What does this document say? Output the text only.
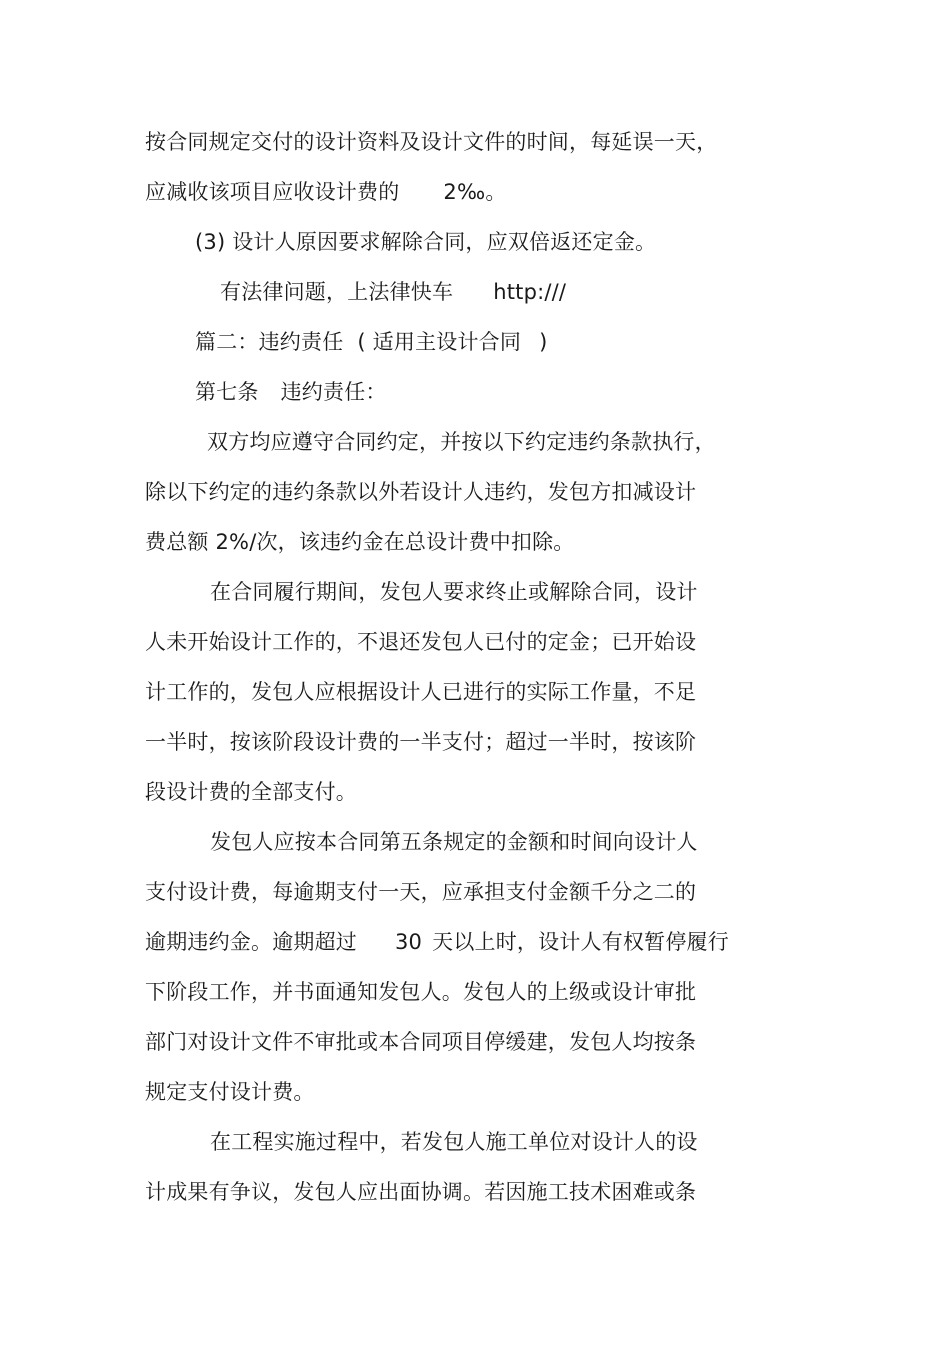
按合同规定交付的设计资料及设计文件的时间，每延误一天，
应减收该项目应收设计费的 2‰。
(3) 设计人原因要求解除合同，应双倍返还定金。
有法律问题，上法律快车 http:///
篇二：违约责任 ( 适用主设计合同 )
第七条 违约责任：
双方均应遵守合同约定，并按以下约定违约条款执行，
除以下约定的违约条款以外若设计人违约，发包方扣减设计
费总额 2%/次，该违约金在总设计费中扣除。
在合同履行期间，发包人要求终止或解除合同，设计
人未开始设计工作的，不退还发包人已付的定金；已开始设
计工作的，发包人应根据设计人已进行的实际工作量，不足
一半时，按该阶段设计费的一半支付；超过一半时，按该阶
段设计费的全部支付。
发包人应按本合同第五条规定的金额和时间向设计人
支付设计费，每逾期支付一天，应承担支付金额千分之二的
逾期违约金。逾期超过 30 天以上时，设计人有权暂停履行
下阶段工作，并书面通知发包人。发包人的上级或设计审批
部门对设计文件不审批或本合同项目停缓建，发包人均按条
规定支付设计费。
在工程实施过程中，若发包人施工单位对设计人的设
计成果有争议，发包人应出面协调。若因施工技术困难或条
